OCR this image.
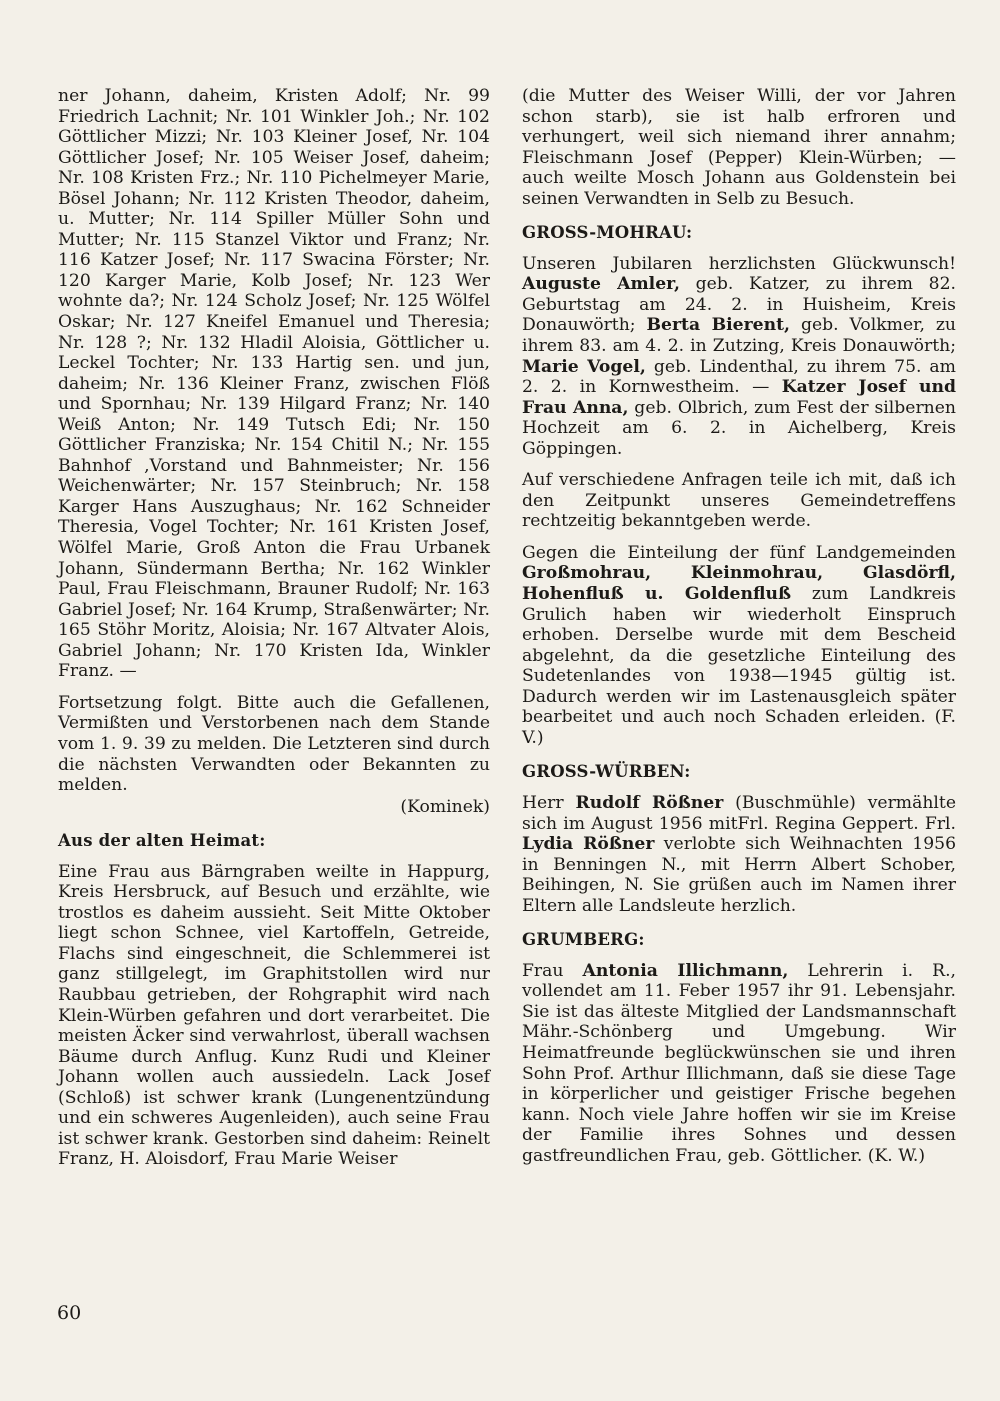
ner Johann, daheim, Kristen Adolf; Nr. 99 Friedrich Lachnit; Nr. 101 Winkler Joh.; Nr. 102 Göttlicher Mizzi; Nr. 103 Kleiner Josef, Nr. 104 Göttlicher Josef; Nr. 105 Weiser Josef, daheim; Nr. 108 Kristen Frz.; Nr. 110 Pichelmeyer Marie, Bösel Johann; Nr. 112 Kristen Theodor, daheim, u. Mutter; Nr. 114 Spiller Müller Sohn und Mutter; Nr. 115 Stanzel Viktor und Franz; Nr. 116 Katzer Josef; Nr. 117 Swacina Förster; Nr. 120 Karger Marie, Kolb Josef; Nr. 123 Wer wohnte da?; Nr. 124 Scholz Josef; Nr. 125 Wölfel Oskar; Nr. 127 Kneifel Emanuel und Theresia; Nr. 128 ?; Nr. 132 Hladil Aloisia, Göttlicher u. Leckel Tochter; Nr. 133 Hartig sen. und jun, daheim; Nr. 136 Kleiner Franz, zwischen Flöß und Spornhau; Nr. 139 Hilgard Franz; Nr. 140 Weiß Anton; Nr. 149 Tutsch Edi; Nr. 150 Göttlicher Franziska; Nr. 154 Chitil N.; Nr. 155 Bahnhof ,Vorstand und Bahnmeister; Nr. 156 Weichenwärter; Nr. 157 Steinbruch; Nr. 158 Karger Hans Auszughaus; Nr. 162 Schneider Theresia, Vogel Tochter; Nr. 161 Kristen Josef, Wölfel Marie, Groß Anton die Frau Urbanek Johann, Sündermann Bertha; Nr. 162 Winkler Paul, Frau Fleischmann, Brauner Rudolf; Nr. 163 Gabriel Josef; Nr. 164 Krump, Straßenwärter; Nr. 165 Stöhr Moritz, Aloisia; Nr. 167 Altvater Alois, Gabriel Johann; Nr. 170 Kristen Ida, Winkler Franz. —

Fortsetzung folgt. Bitte auch die Gefallenen, Vermißten und Verstorbenen nach dem Stande vom 1. 9. 39 zu melden. Die Letzteren sind durch die nächsten Verwandten oder Bekannten zu melden.

(Kominek)

Aus der alten Heimat:

Eine Frau aus Bärngraben weilte in Happurg, Kreis Hersbruck, auf Besuch und erzählte, wie trostlos es daheim aussieht. Seit Mitte Oktober liegt schon Schnee, viel Kartoffeln, Getreide, Flachs sind eingeschneit, die Schlemmerei ist ganz stillgelegt, im Graphitstollen wird nur Raubbau getrieben, der Rohgraphit wird nach Klein-Würben gefahren und dort verarbeitet. Die meisten Äcker sind verwahrlost, überall wachsen Bäume durch Anflug. Kunz Rudi und Kleiner Johann wollen auch aussiedeln. Lack Josef (Schloß) ist schwer krank (Lungenentzündung und ein schweres Augenleiden), auch seine Frau ist schwer krank. Gestorben sind daheim: Reinelt Franz, H. Aloisdorf, Frau Marie Weiser

(die Mutter des Weiser Willi, der vor Jahren schon starb), sie ist halb erfroren und verhungert, weil sich niemand ihrer annahm; Fleischmann Josef (Pepper) Klein-Würben; — auch weilte Mosch Johann aus Goldenstein bei seinen Verwandten in Selb zu Besuch.

GROSS-MOHRAU:

Unseren Jubilaren herzlichsten Glückwunsch! Auguste Amler, geb. Katzer, zu ihrem 82. Geburtstag am 24. 2. in Huisheim, Kreis Donauwörth; Berta Bierent, geb. Volkmer, zu ihrem 83. am 4. 2. in Zutzing, Kreis Donauwörth; Marie Vogel, geb. Lindenthal, zu ihrem 75. am 2. 2. in Kornwestheim. — Katzer Josef und Frau Anna, geb. Olbrich, zum Fest der silbernen Hochzeit am 6. 2. in Aichelberg, Kreis Göppingen.

Auf verschiedene Anfragen teile ich mit, daß ich den Zeitpunkt unseres Gemeindetreffens rechtzeitig bekanntgeben werde.

Gegen die Einteilung der fünf Landgemeinden Großmohrau, Kleinmohrau, Glasdörfl, Hohenfluß u. Goldenfluß zum Landkreis Grulich haben wir wiederholt Einspruch erhoben. Derselbe wurde mit dem Bescheid abgelehnt, da die gesetzliche Einteilung des Sudetenlandes von 1938—1945 gültig ist. Dadurch werden wir im Lastenausgleich später bearbeitet und auch noch Schaden erleiden. (F. V.)

GROSS-WÜRBEN:

Herr Rudolf Rößner (Buschmühle) vermählte sich im August 1956 mitFrl. Regina Geppert. Frl. Lydia Rößner verlobte sich Weihnachten 1956 in Benningen N., mit Herrn Albert Schober, Beihingen, N. Sie grüßen auch im Namen ihrer Eltern alle Landsleute herzlich.

GRUMBERG:

Frau Antonia Illichmann, Lehrerin i. R., vollendet am 11. Feber 1957 ihr 91. Lebensjahr. Sie ist das älteste Mitglied der Landsmannschaft Mähr.-Schönberg und Umgebung. Wir Heimatfreunde beglückwünschen sie und ihren Sohn Prof. Arthur Illichmann, daß sie diese Tage in körperlicher und geistiger Frische begehen kann. Noch viele Jahre hoffen wir sie im Kreise der Familie ihres Sohnes und dessen gastfreundlichen Frau, geb. Göttlicher. (K. W.)

60
